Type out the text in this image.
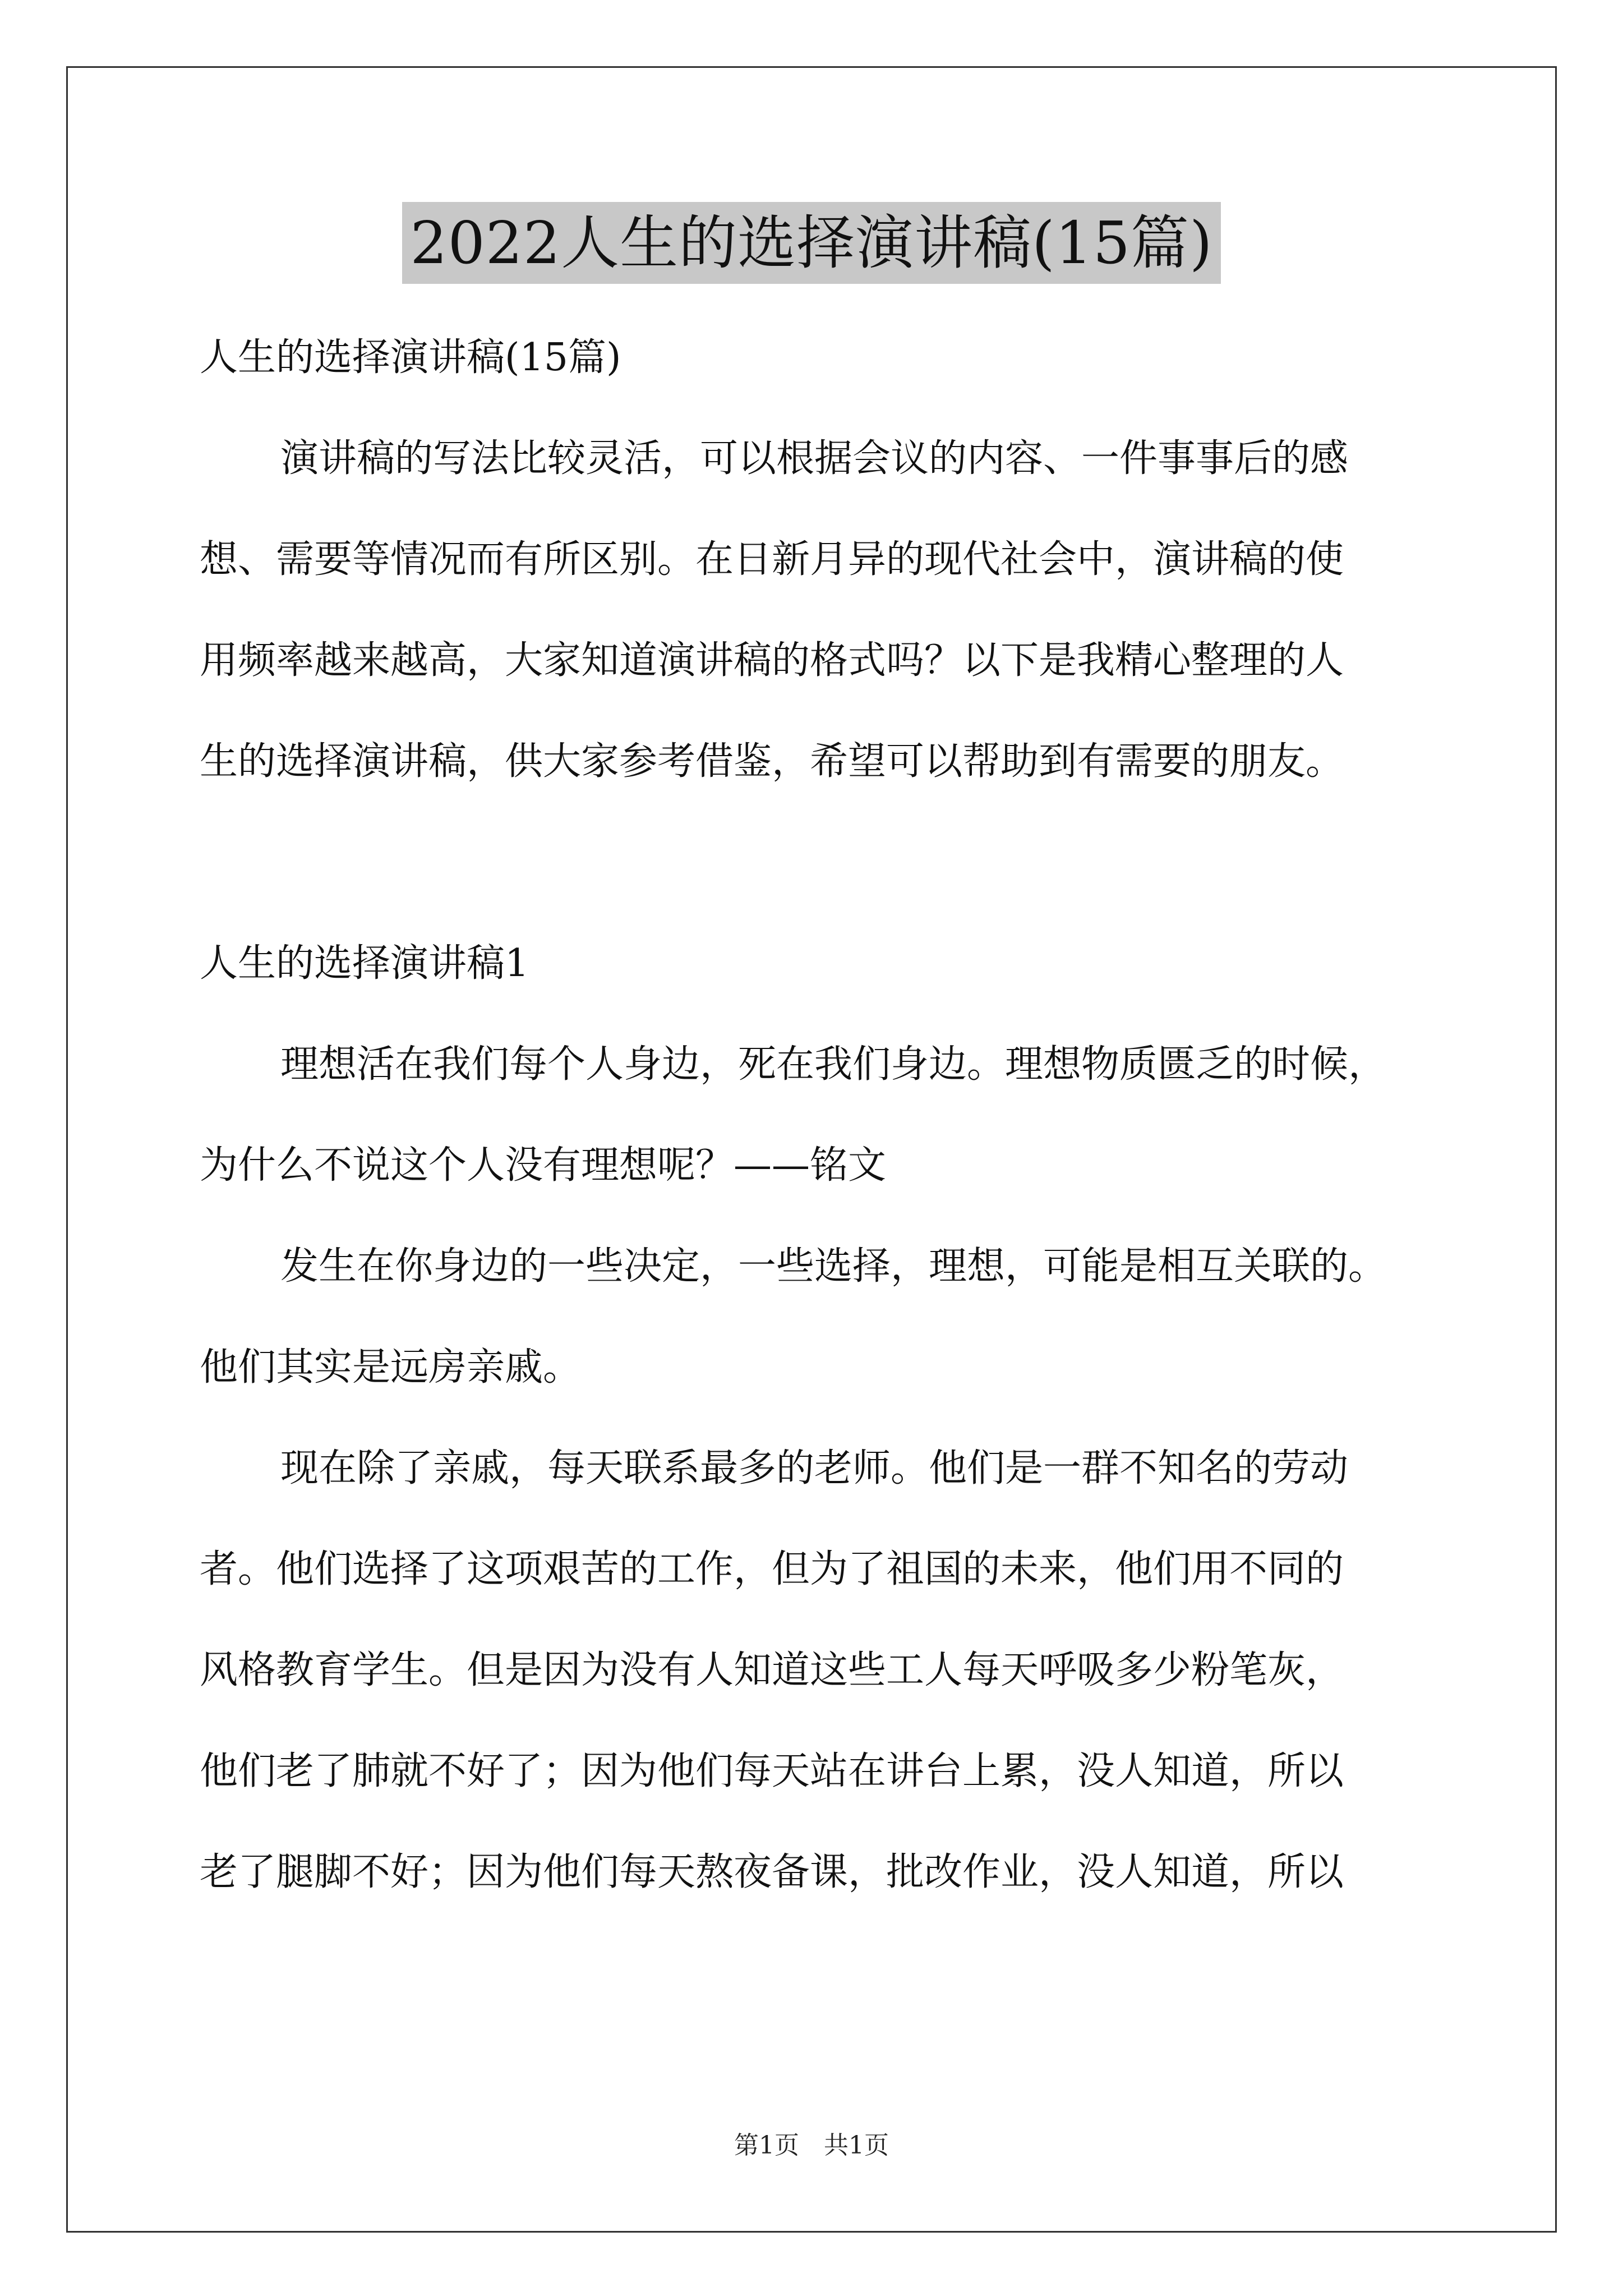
2022人生的选择演讲稿(15篇)
人生的选择演讲稿(15篇)
演讲稿的写法比较灵活，可以根据会议的内容、一件事事后的感
想、需要等情况而有所区别。在日新月异的现代社会中，演讲稿的使
用频率越来越高，大家知道演讲稿的格式吗？以下是我精心整理的人
生的选择演讲稿，供大家参考借鉴，希望可以帮助到有需要的朋友。
人生的选择演讲稿1
理想活在我们每个人身边，死在我们身边。理想物质匮乏的时候，
为什么不说这个人没有理想呢？——铭文
发生在你身边的一些决定，一些选择，理想，可能是相互关联的。
他们其实是远房亲戚。
现在除了亲戚，每天联系最多的老师。他们是一群不知名的劳动
者。他们选择了这项艰苦的工作，但为了祖国的未来，他们用不同的
风格教育学生。但是因为没有人知道这些工人每天呼吸多少粉笔灰，
他们老了肺就不好了；因为他们每天站在讲台上累，没人知道，所以
老了腿脚不好；因为他们每天熬夜备课，批改作业，没人知道，所以
第1页　共1页
